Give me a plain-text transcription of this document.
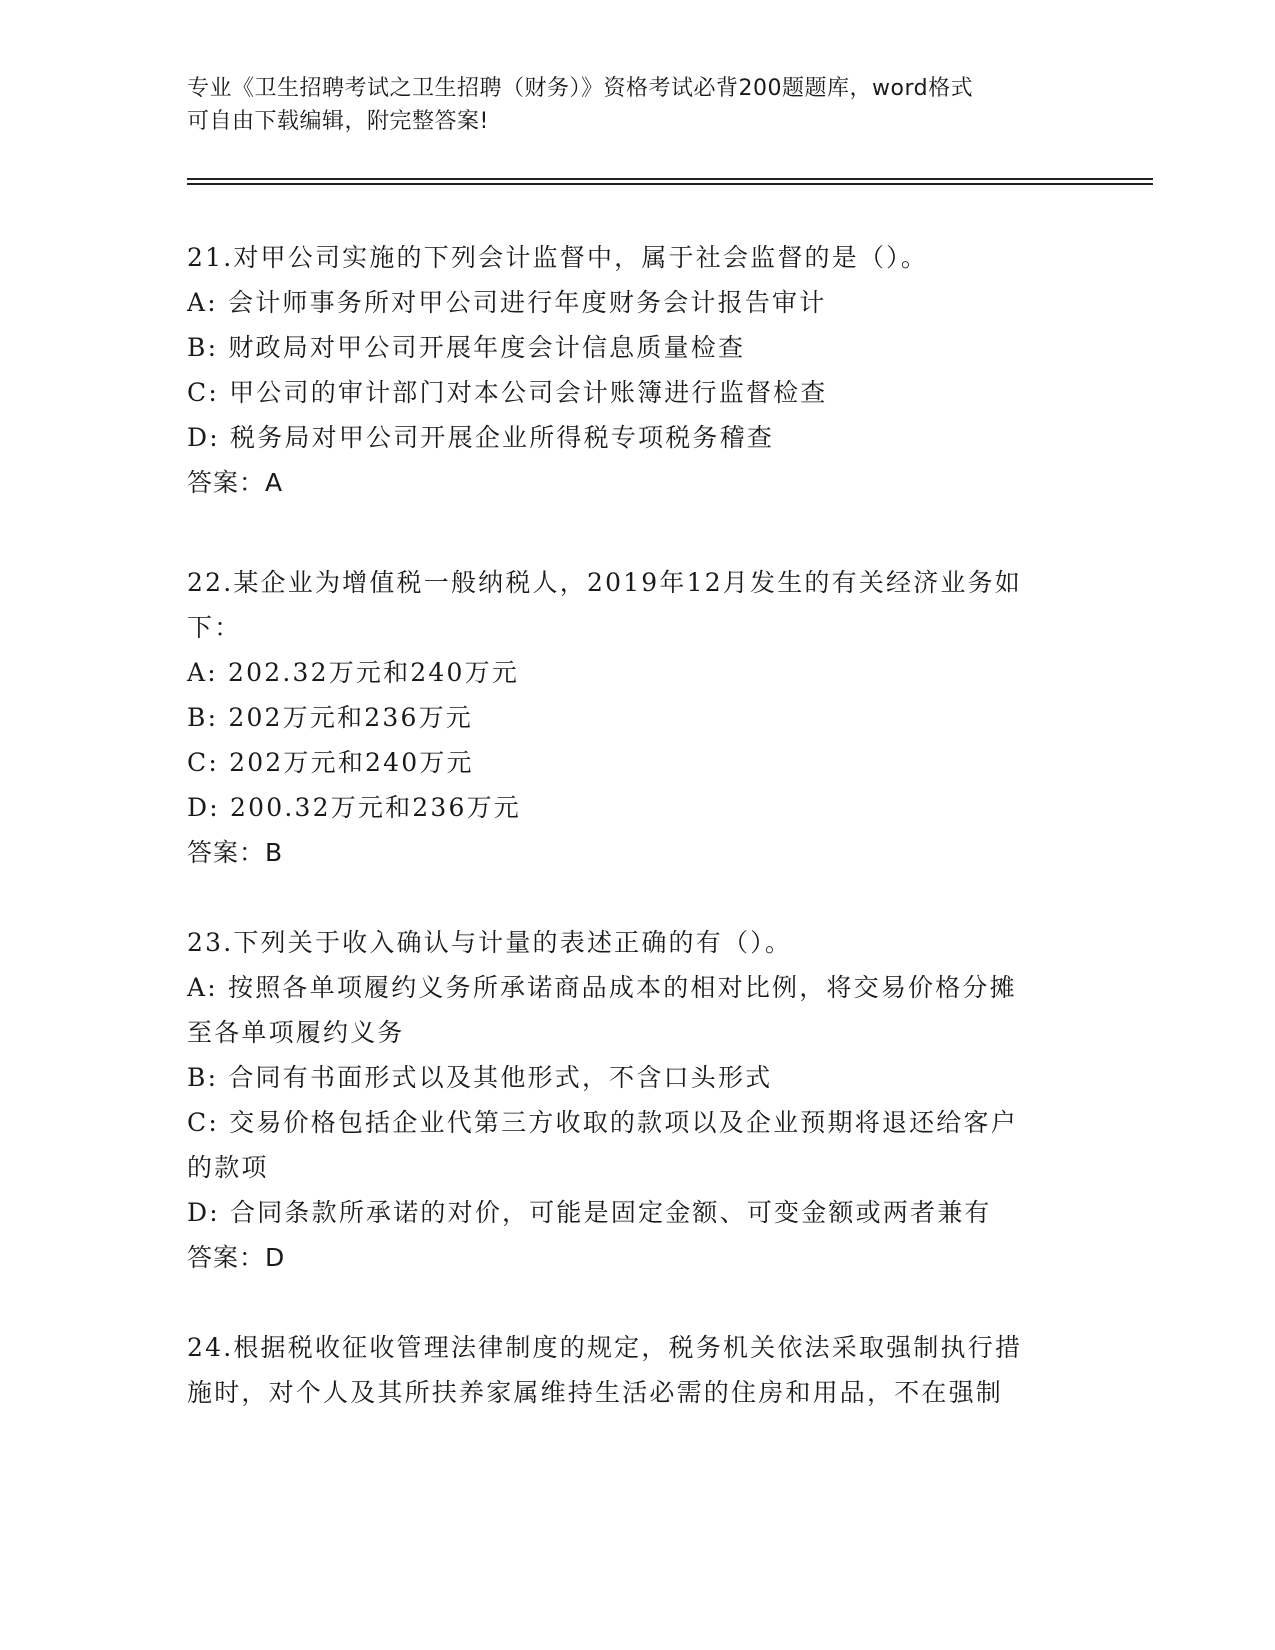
专业《卫生招聘考试之卫生招聘（财务）》资格考试必背200题题库，word格式
可自由下载编辑，附完整答案!
21.对甲公司实施的下列会计监督中，属于社会监督的是（）。
A: 会计师事务所对甲公司进行年度财务会计报告审计
B: 财政局对甲公司开展年度会计信息质量检查
C: 甲公司的审计部门对本公司会计账簿进行监督检查
D: 税务局对甲公司开展企业所得税专项税务稽查
答案：A
22.某企业为增值税一般纳税人，2019年12月发生的有关经济业务如
下：
A: 202.32万元和240万元
B: 202万元和236万元
C: 202万元和240万元
D: 200.32万元和236万元
答案：B
23.下列关于收入确认与计量的表述正确的有（）。
A: 按照各单项履约义务所承诺商品成本的相对比例，将交易价格分摊
至各单项履约义务
B: 合同有书面形式以及其他形式，不含口头形式
C: 交易价格包括企业代第三方收取的款项以及企业预期将退还给客户
的款项
D: 合同条款所承诺的对价，可能是固定金额、可变金额或两者兼有
答案：D
24.根据税收征收管理法律制度的规定，税务机关依法采取强制执行措
施时，对个人及其所扶养家属维持生活必需的住房和用品，不在强制
